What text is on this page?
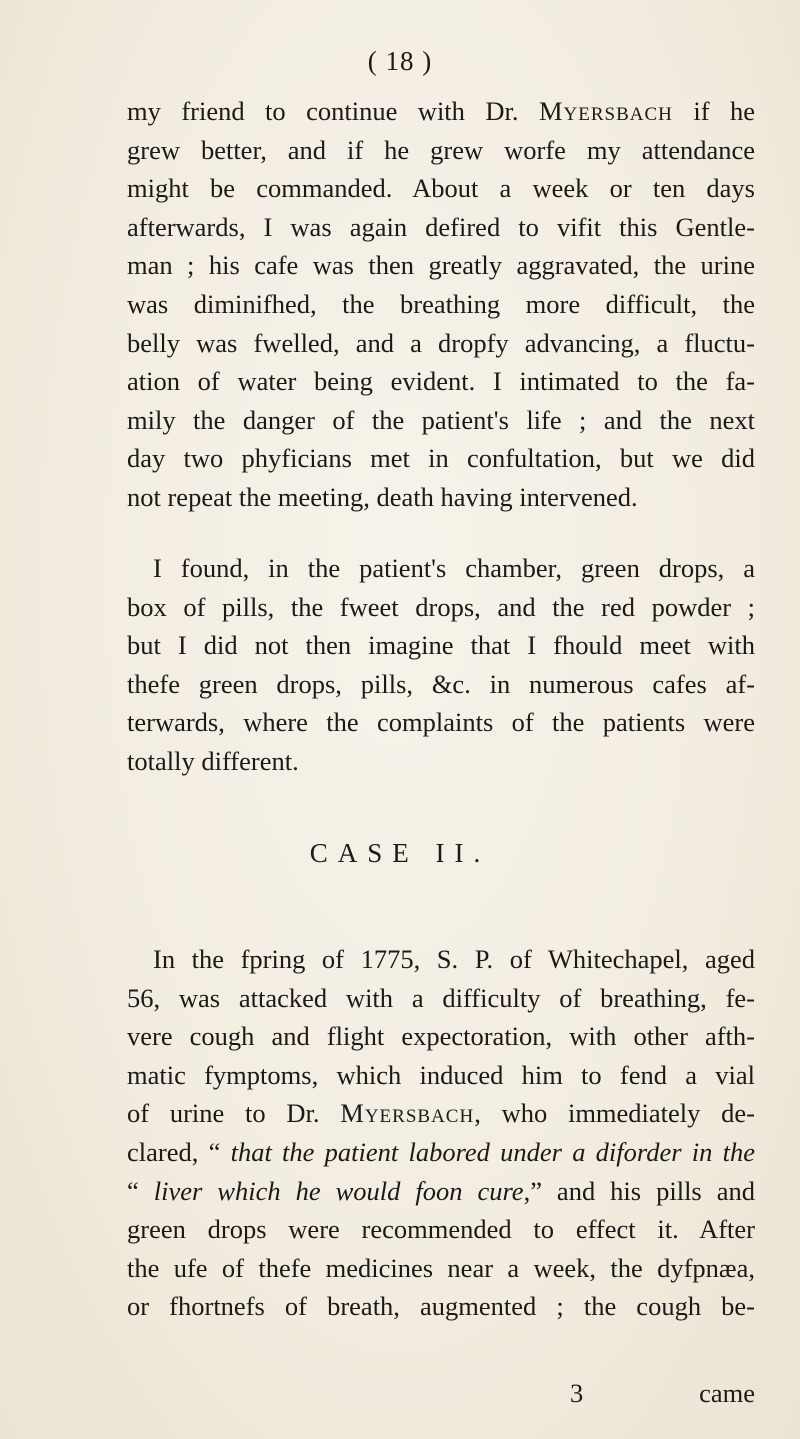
( 18 )
my friend to continue with Dr. Myersbach if he
grew better, and if he grew worfe my attendance
might be commanded. About a week or ten days
afterwards, I was again defired to vifit this Gentle-
man ; his cafe was then greatly aggravated, the urine
was diminifhed, the breathing more difficult, the
belly was fwelled, and a dropfy advancing, a fluctu-
ation of water being evident. I intimated to the fa-
mily the danger of the patient's life ; and the next
day two phyficians met in confultation, but we did
not repeat the meeting, death having intervened.
I found, in the patient's chamber, green drops, a
box of pills, the fweet drops, and the red powder ;
but I did not then imagine that I fhould meet with
thefe green drops, pills, &c. in numerous cafes af-
terwards, where the complaints of the patients were
totally different.
CASE II.
In the fpring of 1775, S. P. of Whitechapel, aged
56, was attacked with a difficulty of breathing, fe-
vere cough and flight expectoration, with other afth-
matic fymptoms, which induced him to fend a vial
of urine to Dr. Myersbach, who immediately de-
clared, “ that the patient labored under a diforder in the
“ liver which he would foon cure,” and his pills and
green drops were recommended to effect it. After
the ufe of thefe medicines near a week, the dyfpnæa,
or fhortnefs of breath, augmented ; the cough be-
3	came
